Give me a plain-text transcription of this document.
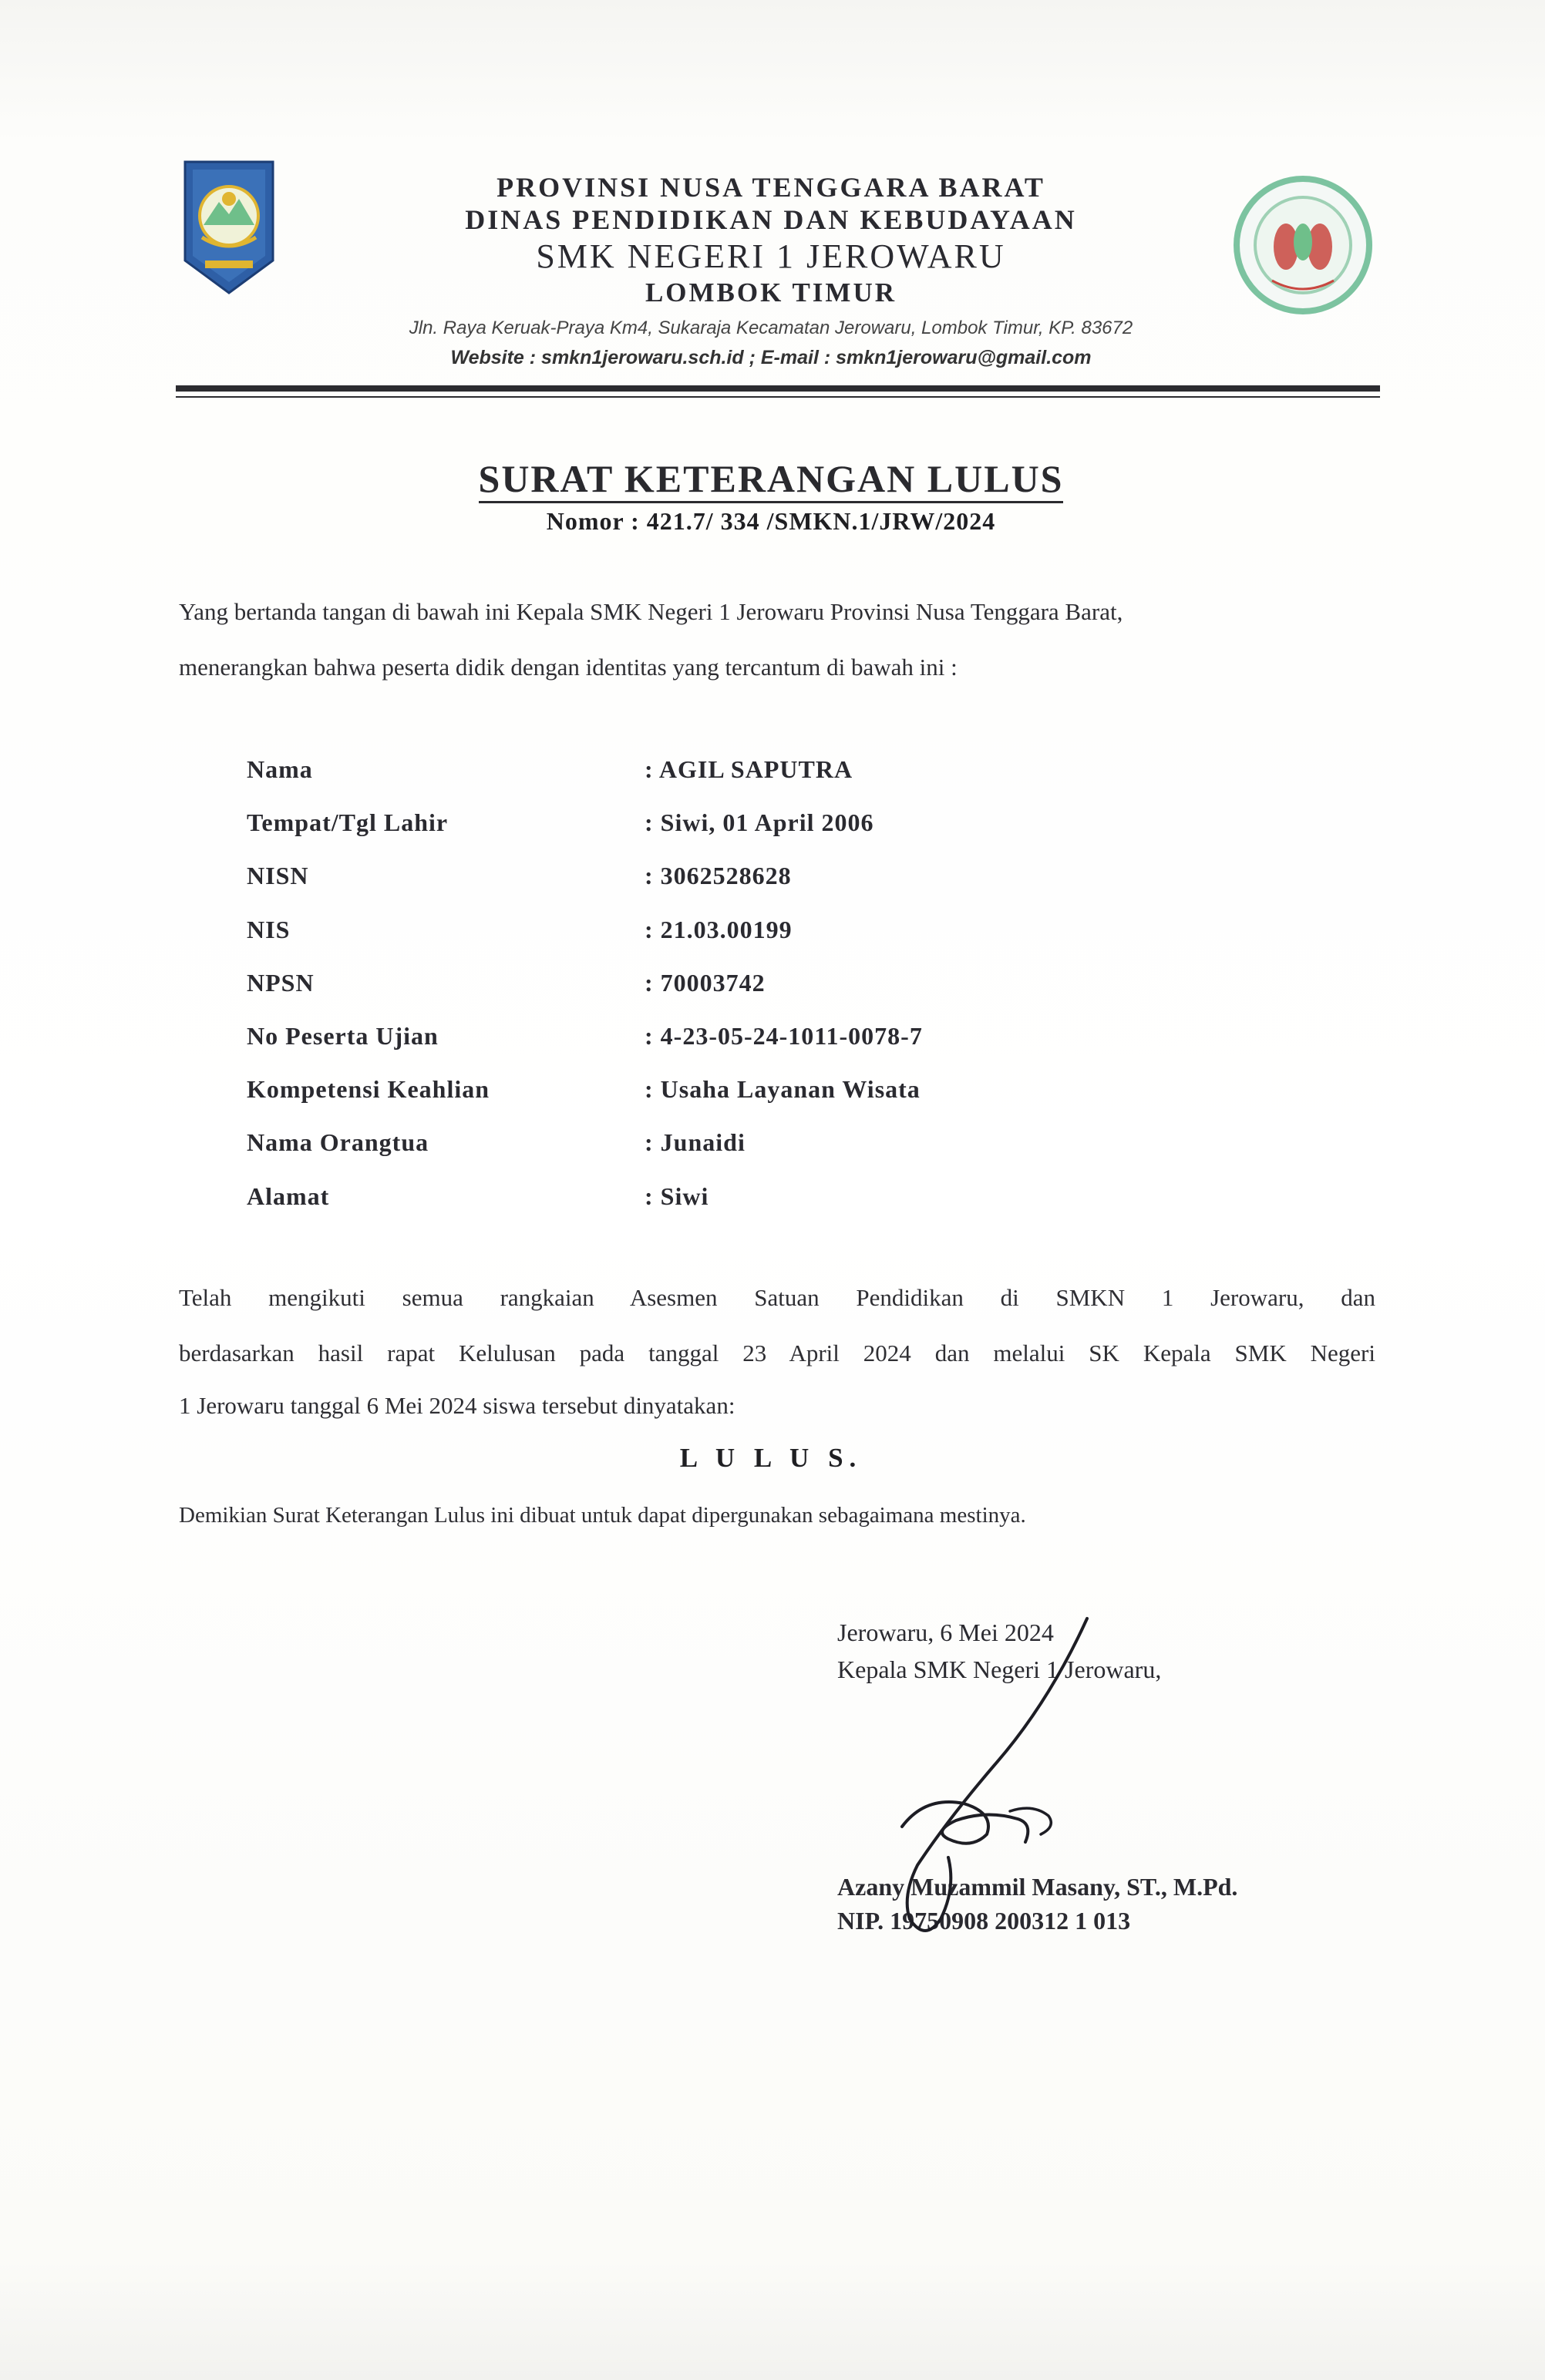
PROVINSI NUSA TENGGARA BARAT
DINAS PENDIDIKAN DAN KEBUDAYAAN
SMK NEGERI 1 JEROWARU
LOMBOK TIMUR
Jln. Raya Keruak-Praya Km4, Sukaraja Kecamatan Jerowaru, Lombok Timur, KP. 83672
Website : smkn1jerowaru.sch.id ; E-mail : smkn1jerowaru@gmail.com
SURAT KETERANGAN LULUS
Nomor : 421.7/ 334 /SMKN.1/JRW/2024
Yang bertanda tangan di bawah ini Kepala SMK Negeri 1 Jerowaru Provinsi Nusa Tenggara Barat,
menerangkan bahwa peserta didik dengan identitas yang tercantum di bawah ini :
Nama	: AGIL SAPUTRA
Tempat/Tgl Lahir	: Siwi, 01 April 2006
NISN	: 3062528628
NIS	: 21.03.00199
NPSN	: 70003742
No Peserta Ujian	: 4-23-05-24-1011-0078-7
Kompetensi Keahlian	: Usaha Layanan Wisata
Nama Orangtua	: Junaidi
Alamat	: Siwi
Telah mengikuti semua rangkaian Asesmen Satuan Pendidikan di SMKN 1 Jerowaru, dan
berdasarkan hasil rapat Kelulusan pada tanggal 23 April 2024 dan melalui SK Kepala SMK Negeri
1 Jerowaru tanggal 6 Mei 2024 siswa tersebut dinyatakan:
L U L U S.
Demikian Surat Keterangan Lulus ini dibuat untuk dapat dipergunakan sebagaimana mestinya.
Jerowaru, 6 Mei 2024
Kepala SMK Negeri 1 Jerowaru,
Azany Muzammil Masany, ST., M.Pd.
NIP. 19750908 200312 1 013
